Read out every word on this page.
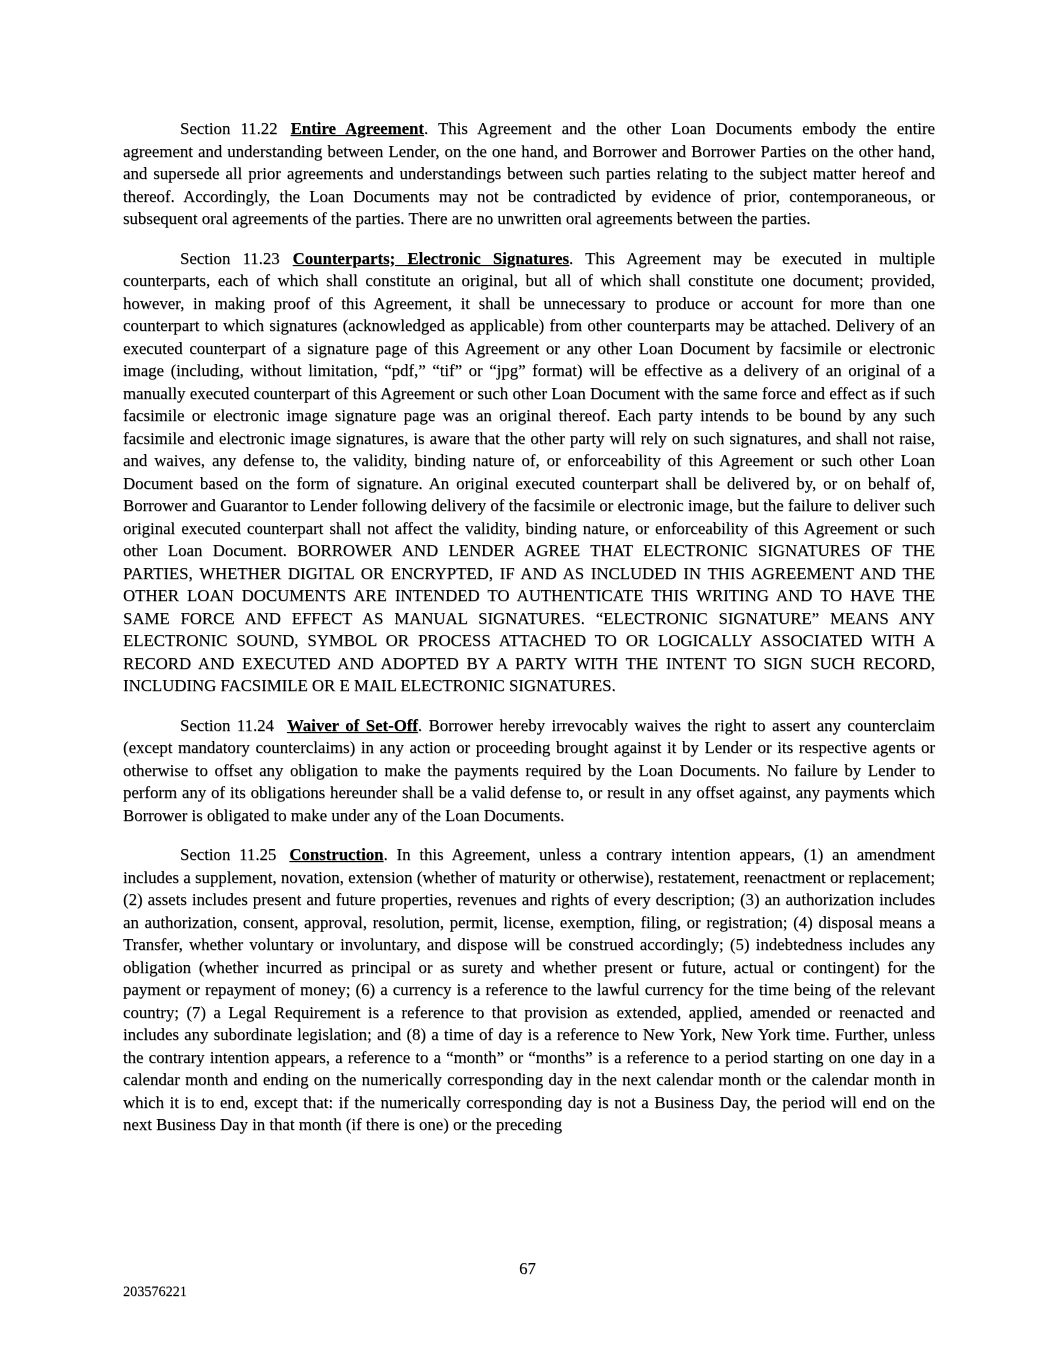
Section 11.22 Entire Agreement. This Agreement and the other Loan Documents embody the entire agreement and understanding between Lender, on the one hand, and Borrower and Borrower Parties on the other hand, and supersede all prior agreements and understandings between such parties relating to the subject matter hereof and thereof. Accordingly, the Loan Documents may not be contradicted by evidence of prior, contemporaneous, or subsequent oral agreements of the parties. There are no unwritten oral agreements between the parties.

Section 11.23 Counterparts; Electronic Signatures. This Agreement may be executed in multiple counterparts, each of which shall constitute an original, but all of which shall constitute one document; provided, however, in making proof of this Agreement, it shall be unnecessary to produce or account for more than one counterpart to which signatures (acknowledged as applicable) from other counterparts may be attached. Delivery of an executed counterpart of a signature page of this Agreement or any other Loan Document by facsimile or electronic image (including, without limitation, “pdf,” “tif” or “jpg” format) will be effective as a delivery of an original of a manually executed counterpart of this Agreement or such other Loan Document with the same force and effect as if such facsimile or electronic image signature page was an original thereof. Each party intends to be bound by any such facsimile and electronic image signatures, is aware that the other party will rely on such signatures, and shall not raise, and waives, any defense to, the validity, binding nature of, or enforceability of this Agreement or such other Loan Document based on the form of signature. An original executed counterpart shall be delivered by, or on behalf of, Borrower and Guarantor to Lender following delivery of the facsimile or electronic image, but the failure to deliver such original executed counterpart shall not affect the validity, binding nature, or enforceability of this Agreement or such other Loan Document. BORROWER AND LENDER AGREE THAT ELECTRONIC SIGNATURES OF THE PARTIES, WHETHER DIGITAL OR ENCRYPTED, IF AND AS INCLUDED IN THIS AGREEMENT AND THE OTHER LOAN DOCUMENTS ARE INTENDED TO AUTHENTICATE THIS WRITING AND TO HAVE THE SAME FORCE AND EFFECT AS MANUAL SIGNATURES. “ELECTRONIC SIGNATURE” MEANS ANY ELECTRONIC SOUND, SYMBOL OR PROCESS ATTACHED TO OR LOGICALLY ASSOCIATED WITH A RECORD AND EXECUTED AND ADOPTED BY A PARTY WITH THE INTENT TO SIGN SUCH RECORD, INCLUDING FACSIMILE OR E MAIL ELECTRONIC SIGNATURES.

Section 11.24 Waiver of Set-Off. Borrower hereby irrevocably waives the right to assert any counterclaim (except mandatory counterclaims) in any action or proceeding brought against it by Lender or its respective agents or otherwise to offset any obligation to make the payments required by the Loan Documents. No failure by Lender to perform any of its obligations hereunder shall be a valid defense to, or result in any offset against, any payments which Borrower is obligated to make under any of the Loan Documents.

Section 11.25 Construction. In this Agreement, unless a contrary intention appears, (1) an amendment includes a supplement, novation, extension (whether of maturity or otherwise), restatement, reenactment or replacement; (2) assets includes present and future properties, revenues and rights of every description; (3) an authorization includes an authorization, consent, approval, resolution, permit, license, exemption, filing, or registration; (4) disposal means a Transfer, whether voluntary or involuntary, and dispose will be construed accordingly; (5) indebtedness includes any obligation (whether incurred as principal or as surety and whether present or future, actual or contingent) for the payment or repayment of money; (6) a currency is a reference to the lawful currency for the time being of the relevant country; (7) a Legal Requirement is a reference to that provision as extended, applied, amended or reenacted and includes any subordinate legislation; and (8) a time of day is a reference to New York, New York time. Further, unless the contrary intention appears, a reference to a “month” or “months” is a reference to a period starting on one day in a calendar month and ending on the numerically corresponding day in the next calendar month or the calendar month in which it is to end, except that: if the numerically corresponding day is not a Business Day, the period will end on the next Business Day in that month (if there is one) or the preceding

67
203576221
